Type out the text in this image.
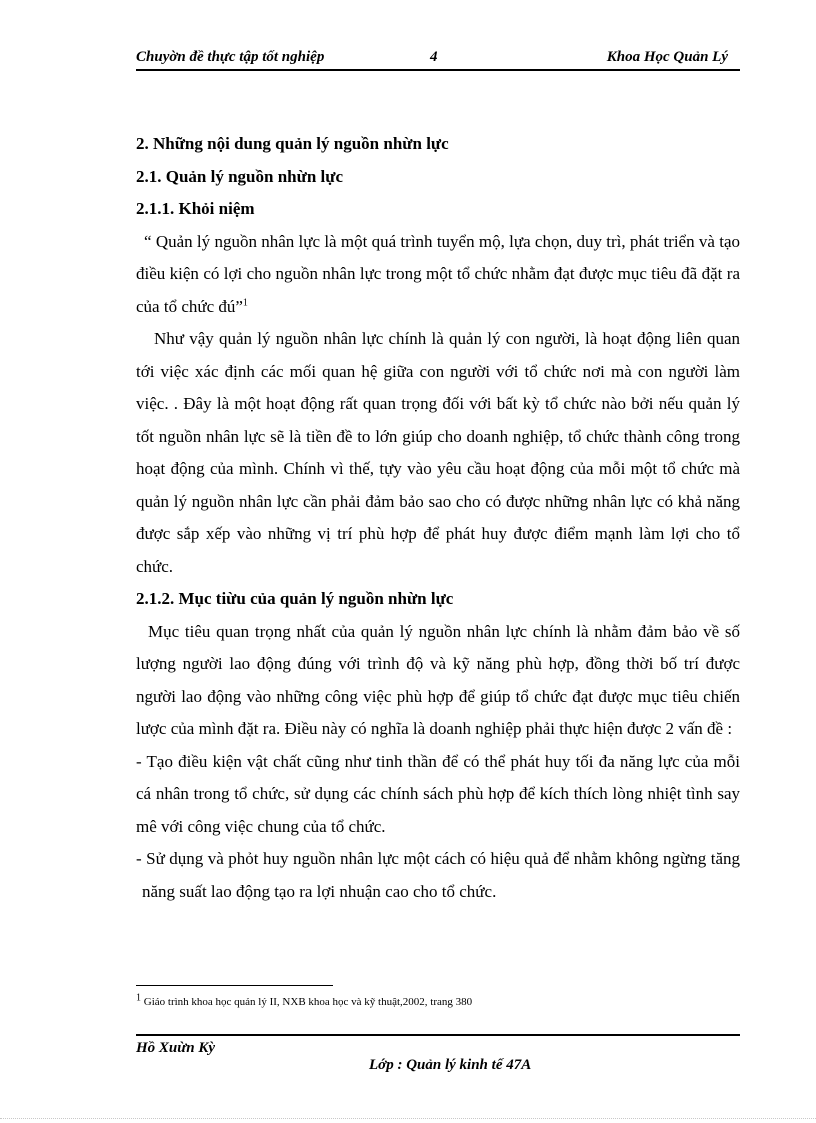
Chuyờn đề thực tập tốt nghiệp	4	Khoa Học Quản Lý

2. Những nội dung quản lý nguồn nhừn lực

2.1. Quản lý nguồn nhừn lực

2.1.1. Khỏi niệm

“ Quản lý nguồn nhân lực là một quá trình tuyển mộ, lựa chọn, duy trì, phát triển và tạo điều kiện có lợi cho nguồn nhân lực trong một tổ chức nhằm đạt được mục tiêu đã đặt ra của tổ chức đú”$^1$

Như vậy quản lý nguồn nhân lực chính là quản lý con người, là hoạt động liên quan tới việc xác định các mối quan hệ giữa con người với tổ chức nơi mà con người làm việc. . Đây là một hoạt động rất quan trọng đối với bất kỳ tổ chức nào bởi nếu quản lý tốt nguồn nhân lực sẽ là tiền đề to lớn giúp cho doanh nghiệp, tổ chức thành công trong hoạt động của mình. Chính vì thế, tựy vào yêu cầu hoạt động của mỗi một tổ chức mà quản lý nguồn nhân lực cần phải đảm bảo sao cho có được những nhân lực có khả năng được sắp xếp vào những vị trí phù hợp để phát huy được điểm mạnh làm lợi cho tổ chức.

2.1.2. Mục tiừu của quản lý nguồn nhừn lực

Mục tiêu quan trọng nhất của quản lý nguồn nhân lực chính là nhằm đảm bảo về số lượng người lao động đúng với trình độ và kỹ năng phù hợp, đồng thời bố trí được người lao động vào những công việc phù hợp để giúp tổ chức đạt được mục tiêu chiến lược của mình đặt ra. Điều này có nghĩa là doanh nghiệp phải thực hiện được 2 vấn đề :

- Tạo điều kiện vật chất cũng như tinh thần để có thể phát huy tối đa năng lực của mỗi cá nhân trong tổ chức, sử dụng các chính sách phù hợp để kích thích lòng nhiệt tình say mê với công việc chung của tổ chức.

- Sử dụng và phỏt huy nguồn nhân lực một cách có hiệu quả để nhằm không ngừng tăng năng suất lao động tạo ra lợi nhuận cao cho tổ chức.

$^1$ Giáo trình khoa học quản lý II, NXB khoa học và kỹ thuật,2002, trang 380
Hồ Xuừn Kỳ
Lớp : Quản lý kinh tế 47A
